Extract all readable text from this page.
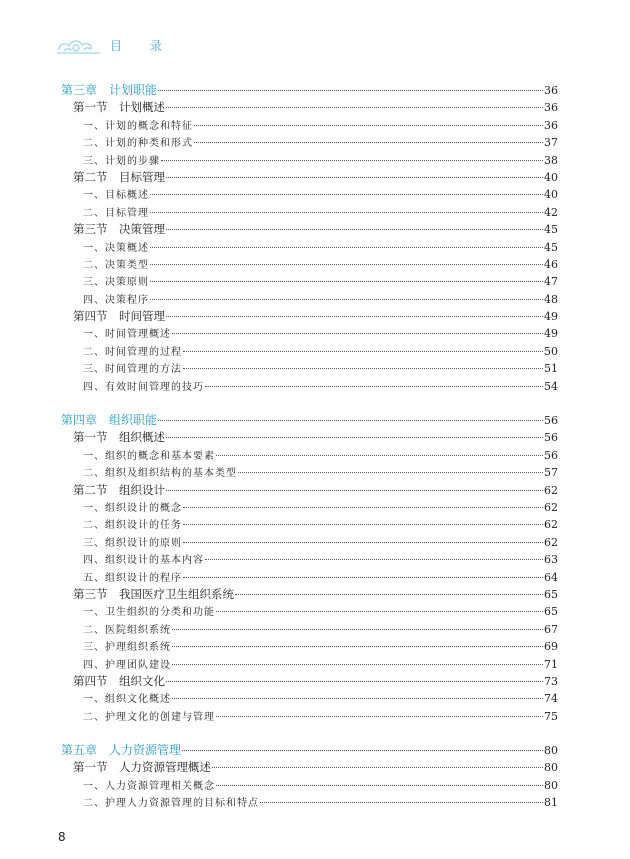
目 录
第三章　计划职能	36
第一节　计划概述	36
一、计划的概念和特征	36
二、计划的种类和形式	37
三、计划的步骤	38
第二节　目标管理	40
一、目标概述	40
二、目标管理	42
第三节　决策管理	45
一、决策概述	45
二、决策类型	46
三、决策原则	47
四、决策程序	48
第四节　时间管理	49
一、时间管理概述	49
二、时间管理的过程	50
三、时间管理的方法	51
四、有效时间管理的技巧	54
第四章　组织职能	56
第一节　组织概述	56
一、组织的概念和基本要素	56
二、组织及组织结构的基本类型	57
第二节　组织设计	62
一、组织设计的概念	62
二、组织设计的任务	62
三、组织设计的原则	62
四、组织设计的基本内容	63
五、组织设计的程序	64
第三节　我国医疗卫生组织系统	65
一、卫生组织的分类和功能	65
二、医院组织系统	67
三、护理组织系统	69
四、护理团队建设	71
第四节　组织文化	73
一、组织文化概述	74
二、护理文化的创建与管理	75
第五章　人力资源管理	80
第一节　人力资源管理概述	80
一、人力资源管理相关概念	80
二、护理人力资源管理的目标和特点	81
8
